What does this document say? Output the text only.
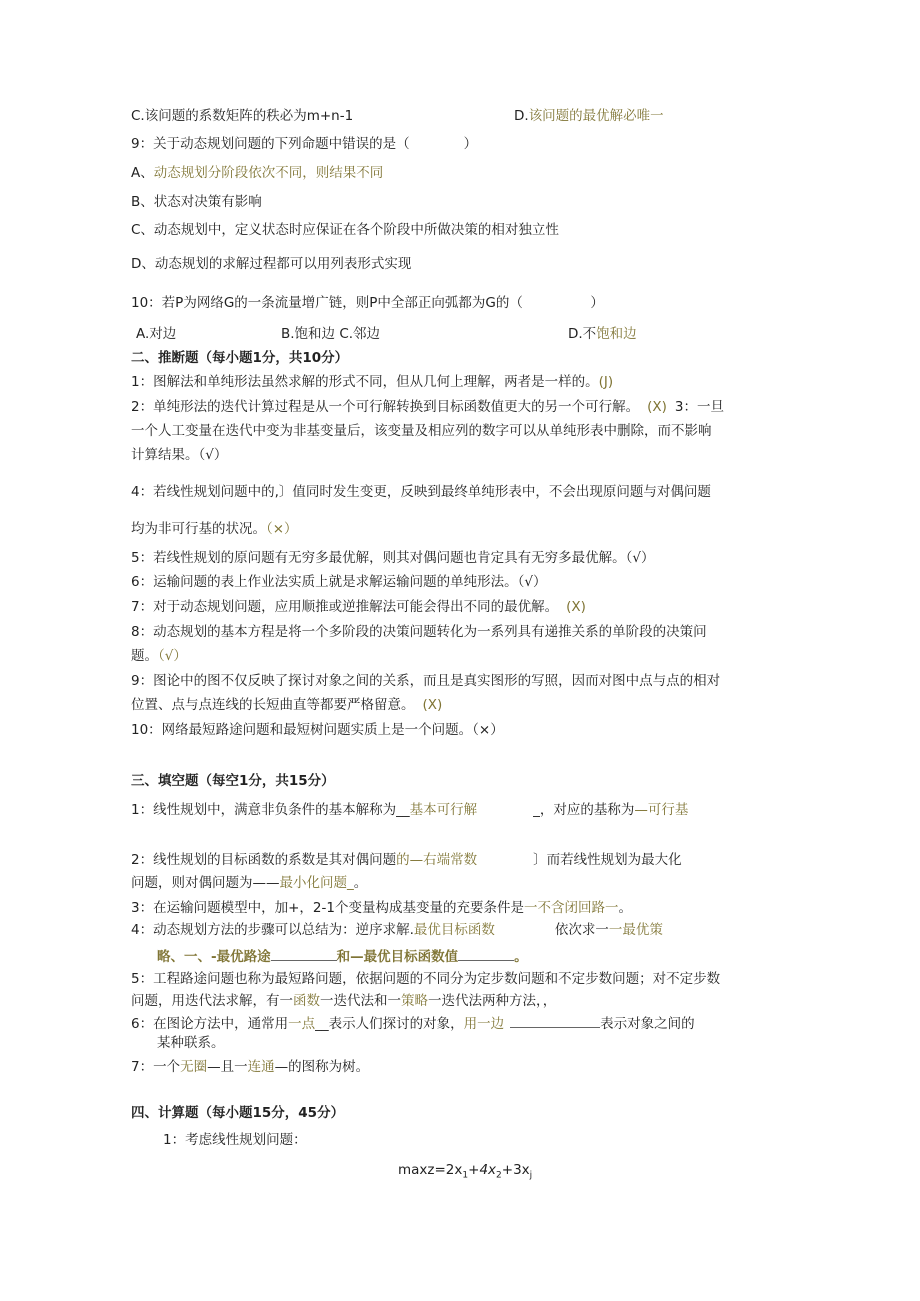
C.该问题的系数矩阵的秩必为m+n-1	D.该问题的最优解必唯一
9：关于动态规划问题的下列命题中错误的是（　　　　）
A、动态规划分阶段依次不同，则结果不同
B、状态对决策有影响
C、动态规划中，定义状态时应保证在各个阶段中所做决策的相对独立性
D、动态规划的求解过程都可以用列表形式实现
10：若P为网络G的一条流量增广链，则P中全部正向弧都为G的（　　　　　）
A.对边	B.饱和边 C.邻边	D.不饱和边
二、推断题（每小题1分，共10分）
1：图解法和单纯形法虽然求解的形式不同，但从几何上理解，两者是一样的。(J)
2：单纯形法的迭代计算过程是从一个可行解转换到目标函数值更大的另一个可行解。 (X) 3：一旦
一个人工变量在迭代中变为非基变量后，该变量及相应列的数字可以从单纯形表中删除，而不影响
计算结果。（√）
4：若线性规划问题中的,〕值同时发生变更，反映到最终单纯形表中，不会出现原问题与对偶问题
均为非可行基的状况。（×）
5：若线性规划的原问题有无穷多最优解，则其对偶问题也肯定具有无穷多最优解。（√）
6：运输问题的表上作业法实质上就是求解运输问题的单纯形法。（√）
7：对于动态规划问题，应用顺推或逆推解法可能会得出不同的最优解。 (X)
8：动态规划的基本方程是将一个多阶段的决策问题转化为一系列具有递推关系的单阶段的决策问
题。（√）
9：图论中的图不仅反映了探讨对象之间的关系，而且是真实图形的写照，因而对图中点与点的相对
位置、点与点连线的长短曲直等都要严格留意。 (X)
10：网络最短路途问题和最短树问题实质上是一个问题。（×）
三、填空题（每空1分，共15分）
1：线性规划中，满意非负条件的基本解称为__基本可行解	_，对应的基称为—可行基
2：线性规划的目标函数的系数是其对偶问题的—右端常数	〕而若线性规划为最大化
问题，则对偶问题为——最小化问题_。
3：在运输问题模型中，加+，2-1个变量构成基变量的充要条件是一不含闭回路一。
4：动态规划方法的步骤可以总结为：逆序求解.最优目标函数	依次求一一最优策
略、一、-最优路途	和—最优目标函数值	。
5：工程路途问题也称为最短路问题，依据问题的不同分为定步数问题和不定步数问题；对不定步数
问题，用迭代法求解，有一函数一迭代法和一策略一迭代法两种方法，，
6：在图论方法中，通常用一点__表示人们探讨的对象，用一边	表示对象之间的
某种联系。
7：一个无圈—且一连通—的图称为树。
四、计算题（每小题15分，45分）
1：考虑线性规划问题：
$\max z=2x_1+4x_2+3x_j$
